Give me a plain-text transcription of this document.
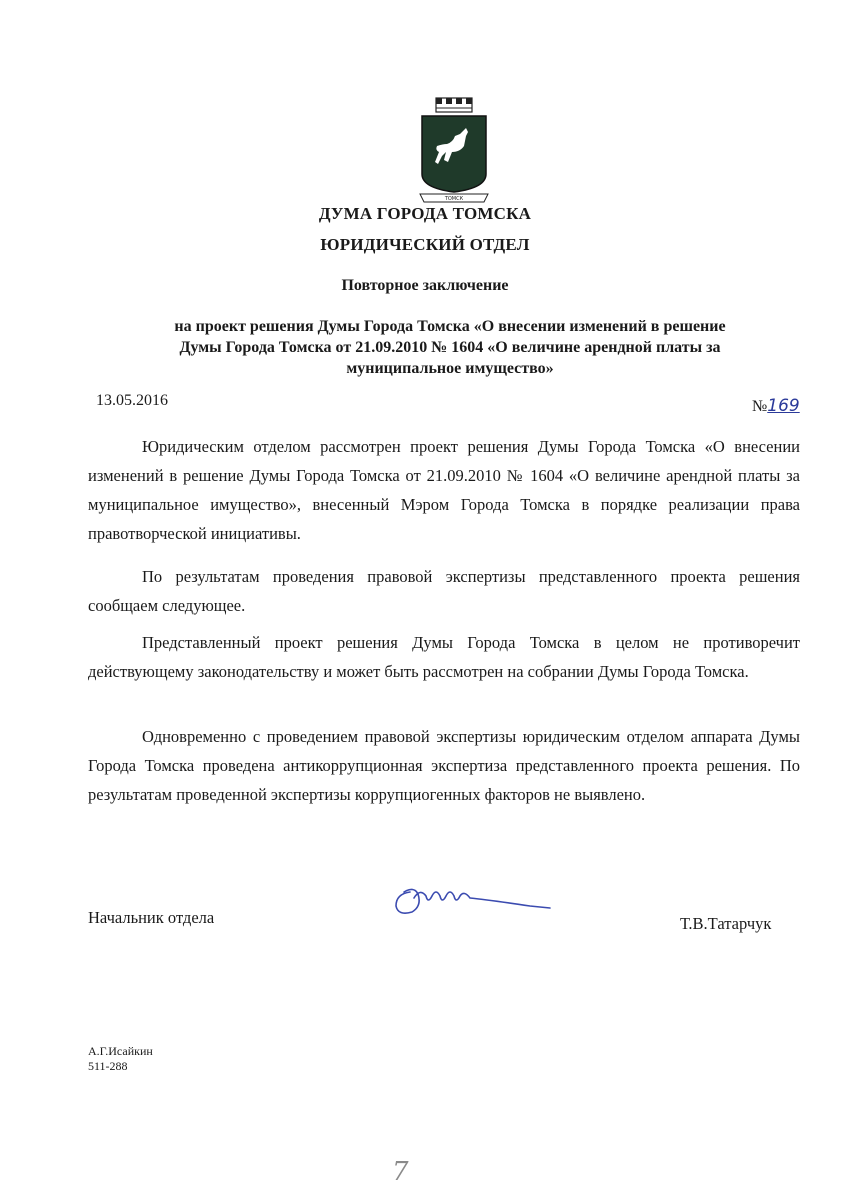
ТОМСК
ДУМА ГОРОДА ТОМСКА
ЮРИДИЧЕСКИЙ ОТДЕЛ
Повторное заключение
на проект решения Думы Города Томска «О внесении изменений в решение
Думы Города Томска от 21.09.2010 № 1604 «О величине арендной платы за
муниципальное имущество»
13.05.2016	№169

Юридическим отделом рассмотрен проект решения Думы Города Томска «О внесении изменений в решение Думы Города Томска от 21.09.2010 № 1604 «О величине арендной платы за муниципальное имущество», внесенный Мэром Города Томска в порядке реализации права правотворческой инициативы.

По результатам проведения правовой экспертизы представленного проекта решения сообщаем следующее.

Представленный проект решения Думы Города Томска в целом не противоречит действующему законодательству и может быть рассмотрен на собрании Думы Города Томска.

Одновременно с проведением правовой экспертизы юридическим отделом аппарата Думы Города Томска проведена антикоррупционная экспертиза представленного проекта решения. По результатам проведенной экспертизы коррупциогенных факторов не выявлено.

Начальник отдела	Т.В.Татарчук
А.Г.Исайкин
511-288
7
